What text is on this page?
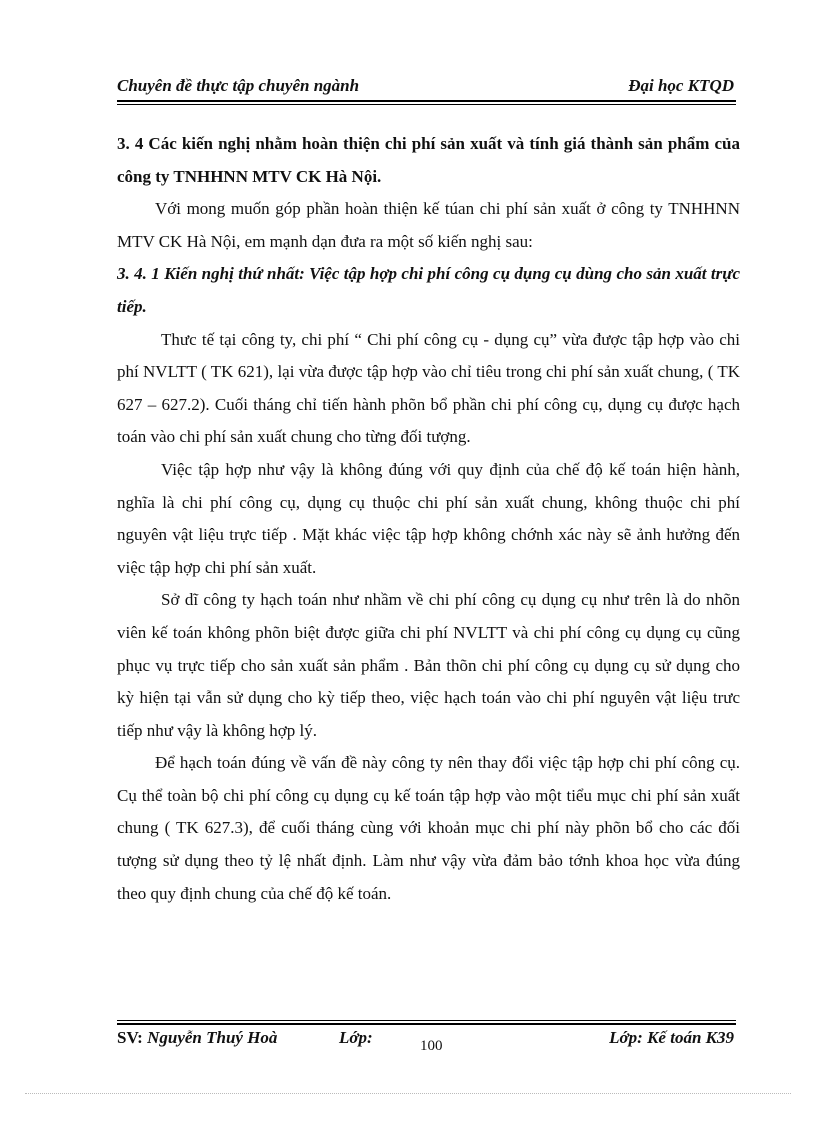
Chuyên đề thực tập chuyên ngành	Đại học KTQD

3. 4 Các kiến nghị nhằm hoàn thiện chi phí sản xuất và tính giá thành sản phẩm của công ty TNHHNN MTV CK Hà Nội.

Với mong muốn góp phần hoàn thiện kế túan chi phí sản xuất ở công ty TNHHNN MTV CK Hà Nội, em mạnh dạn đưa ra một số kiến nghị sau:

3. 4. 1 Kiến nghị thứ nhất: Việc tập hợp chi phí công cụ dụng cụ dùng cho sản xuất trực tiếp.

Thưc tế tại công ty, chi phí “ Chi phí công cụ - dụng cụ” vừa được tập hợp vào chi phí NVLTT ( TK 621), lại vừa được tập hợp vào chỉ tiêu trong chi phí sản xuất chung, ( TK 627 – 627.2). Cuối tháng chỉ tiến hành phõn bổ phần chi phí công cụ, dụng cụ được hạch toán vào chi phí sản xuất chung cho từng đối tượng.

Việc tập hợp như vậy là không đúng với quy định của chế độ kế toán hiện hành, nghĩa là chi phí công cụ, dụng cụ thuộc chi phí sản xuất chung, không thuộc chi phí nguyên vật liệu trực tiếp . Mặt khác việc tập hợp không chớnh xác này sẽ ảnh hưởng đến việc tập hợp chi phí sản xuất.

Sở dĩ công ty hạch toán như nhầm về chi phí công cụ dụng cụ như trên là do nhõn viên kế toán không phõn biệt được giữa chi phí NVLTT và chi phí công cụ dụng cụ cũng phục vụ trực tiếp cho sản xuất sản phẩm . Bản thõn chi phí công cụ dụng cụ sử dụng cho kỳ hiện tại vẫn sử dụng cho kỳ tiếp theo, việc hạch toán vào chi phí nguyên vật liệu trưc tiếp như vậy là không hợp lý.

Để hạch toán đúng về vấn đề này công ty nên thay đổi việc tập hợp chi phí công cụ. Cụ thể toàn bộ chi phí công cụ dụng cụ kế toán tập hợp vào một tiểu mục chi phí sản xuất chung ( TK 627.3), để cuối tháng cùng với khoản mục chi phí này phõn bổ cho các đối tượng sử dụng theo tỷ lệ nhất định. Làm như vậy vừa đảm bảo tớnh khoa học vừa đúng theo quy định chung của chế độ kế toán.

SV: Nguyễn Thuý Hoà	Lớp:	Lớp: Kế toán K39
100
